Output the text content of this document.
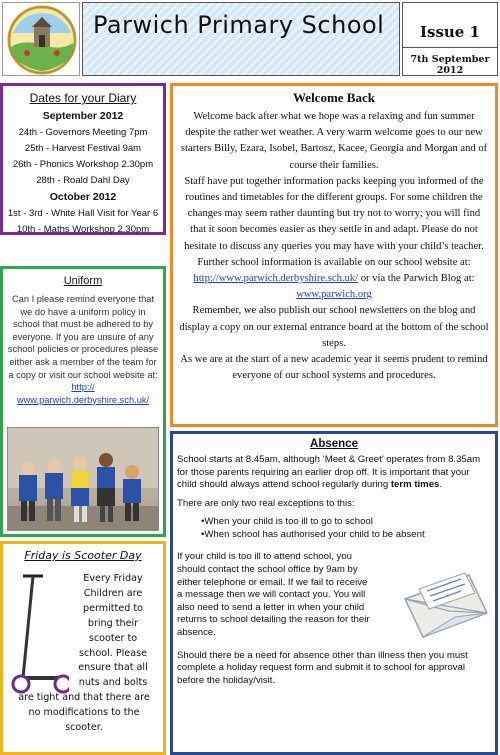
Parwich Primary School	Issue 1
7th September 2012
Dates for your Diary
September 2012
24th - Governors Meeting 7pm
25th - Harvest Festival 9am
26th - Phonics Workshop 2.30pm
28th - Roald Dahl Day
October 2012
1st - 3rd - White Hall Visit for Year 6
10th - Maths Workshop 2.30pm
Uniform
Can I please remind everyone that we do have a uniform policy in school that must be adhered to by everyone. If you are unsure of any school policies or procedures please either ask a member of the team for a copy or visit our school website at:
http://
www.parwich.derbyshire.sch.uk/
Friday is Scooter Day
Every Friday
Children are
permitted to
bring their
scooter to
school. Please
ensure that all
nuts and bolts
are tight and that there are
no modifications to the
scooter.
Welcome Back
Welcome back after what we hope was a relaxing and fun summer despite the rather wet weather. A very warm welcome goes to our new starters Billy, Ezara, Isobel, Bartosz, Kacee, Georgia and Morgan and of course their families.
Staff have put together information packs keeping you informed of the routines and timetables for the different groups. For some children the changes may seem rather daunting but try not to worry; you will find that it soon becomes easier as they settle in and adapt. Please do not hesitate to discuss any queries you may have with your child’s teacher.
Further school information is available on our school website at: http://www.parwich.derbyshire.sch.uk/ or via the Parwich Blog at: www.parwich.org
Remember, we also publish our school newsletters on the blog and display a copy on our external entrance board at the bottom of the school steps.
As we are at the start of a new academic year it seems prudent to remind everyone of our school systems and procedures.
Absence
School starts at 8.45am, although ‘Meet & Greet’ operates from 8.35am for those parents requiring an earlier drop off. It is important that your child should always attend school regularly during term times.
There are only two real exceptions to this:
•When your child is too ill to go to school
•When school has authorised your child to be absent
If your child is too ill to attend school, you should contact the school office by 9am by either telephone or email. If we fail to receive a message then we will contact you. You will also need to send a letter in when your child returns to school detailing the reason for their absence.
Should there be a need for absence other than illness then you must complete a holiday request form and submit it to school for approval before the holiday/visit.
